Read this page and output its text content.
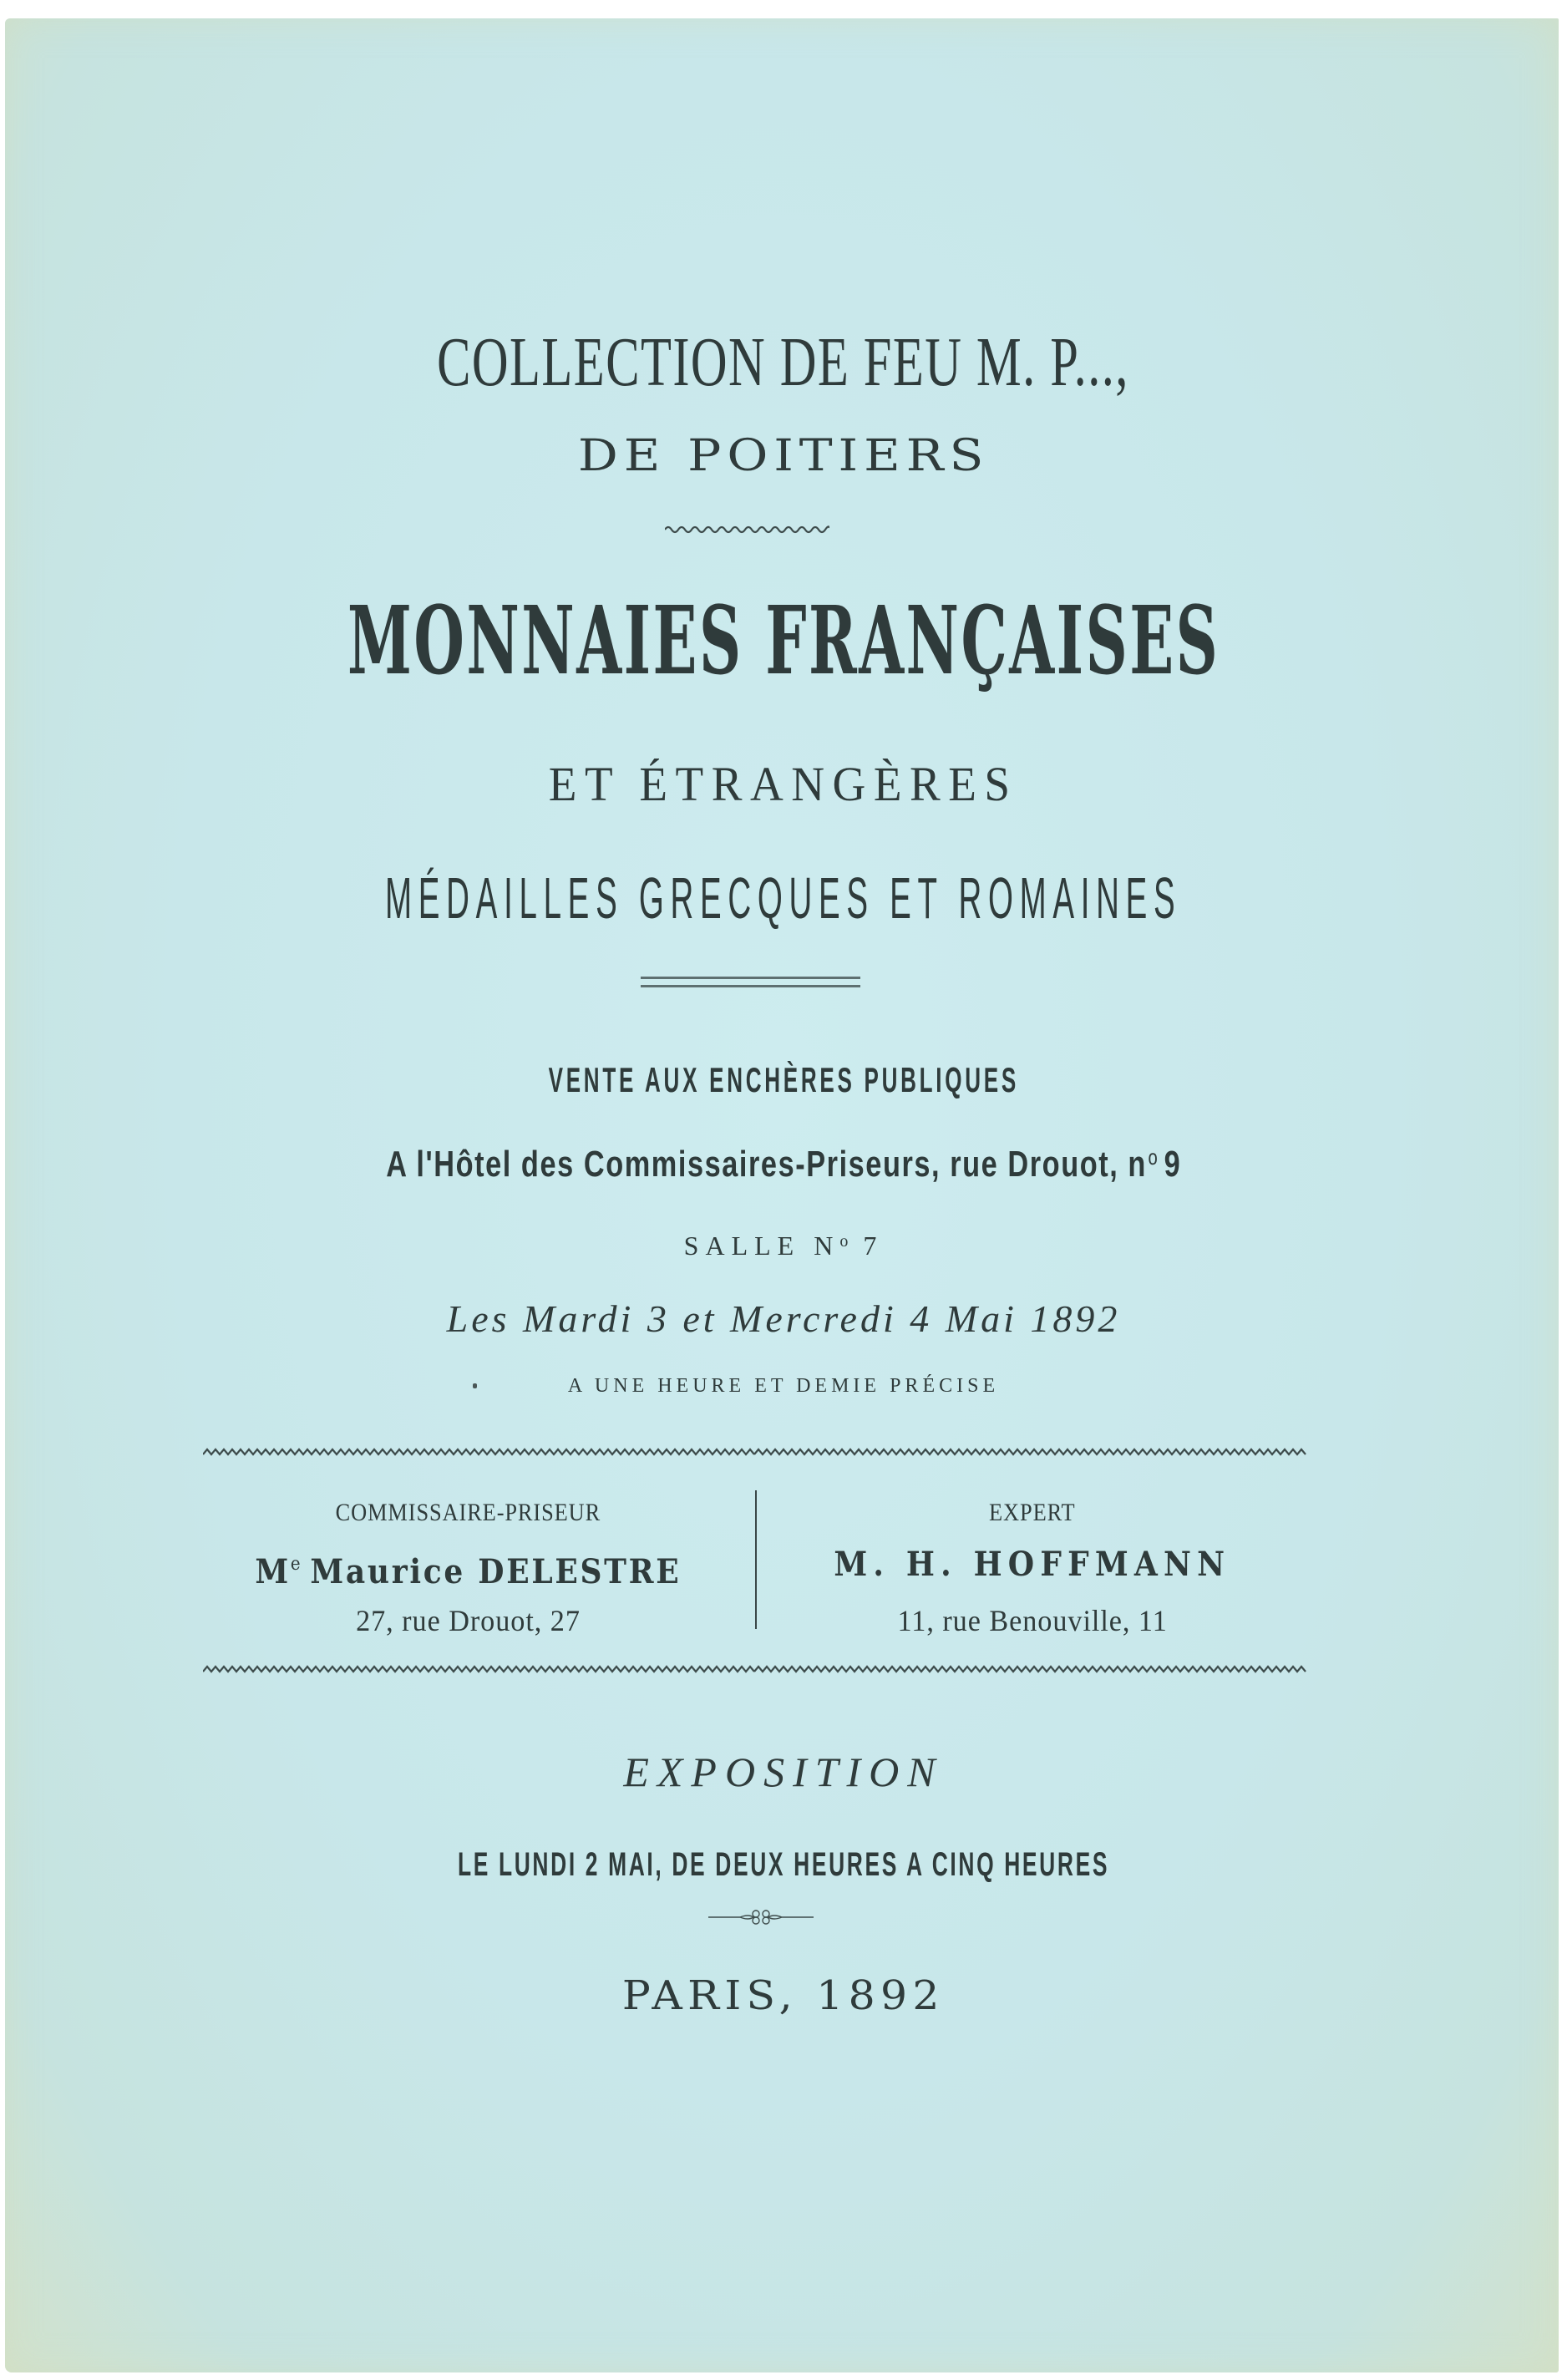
COLLECTION DE FEU M. P...,
DE POITIERS
MONNAIES FRANÇAISES
ET ÉTRANGÈRES
MÉDAILLES GRECQUES ET ROMAINES
VENTE AUX ENCHÈRES PUBLIQUES
A l'Hôtel des Commissaires-Priseurs, rue Drouot, $n^o$ 9
SALLE $N^o$ 7
Les Mardi 3 et Mercredi 4 Mai 1892
A UNE HEURE ET DEMIE PRÉCISE
COMMISSAIRE-PRISEUR
Me Maurice DELESTRE
27, rue Drouot, 27
EXPERT
M. H. HOFFMANN
11, rue Benouville, 11
EXPOSITION
LE LUNDI 2 MAI, DE DEUX HEURES A CINQ HEURES
PARIS, 1892
